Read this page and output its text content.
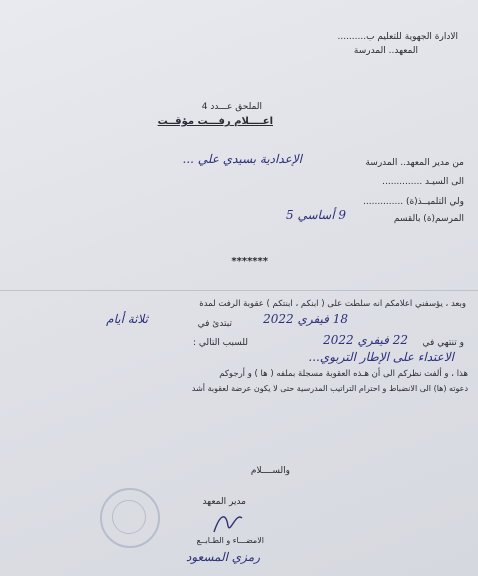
الادارة الجهوية للتعليم ب..........
المعهد.. المدرسة
الملحق عـــدد 4
اعــــلام رفـــت مؤقــت
من مدير المعهد.. المدرسة
الإعدادية بسيدي علي ...
الى السيـد ..............
ولي التلميــذ(ة) ..............
المرسم(ة) بالقسم
9 أساسي 5
*******
وبعد ، يؤسفني اعلامكم انه سلطت على ( ابنكم ، ابنتكم ) عقوبة الرفت لمدة
ثلاثة أيام	تبتدئ في	18 فيفري 2022
و تنتهي في
22 فيفري 2022
للسبب التالي :
الاعتداء على الإطار التربوي...
هذا ، و ألفت نظركم الى أن هـذه العقوبة مسجلة بملفه ( ها ) و أرجوكم
دعوته (ها) الى الانضباط و احترام التراتيب المدرسية حتى لا يكون عرضة لعقوبة أشد
والســــلام
مدير المعهد
الامضـــاء و الطـابــع
رمزي المسعود
